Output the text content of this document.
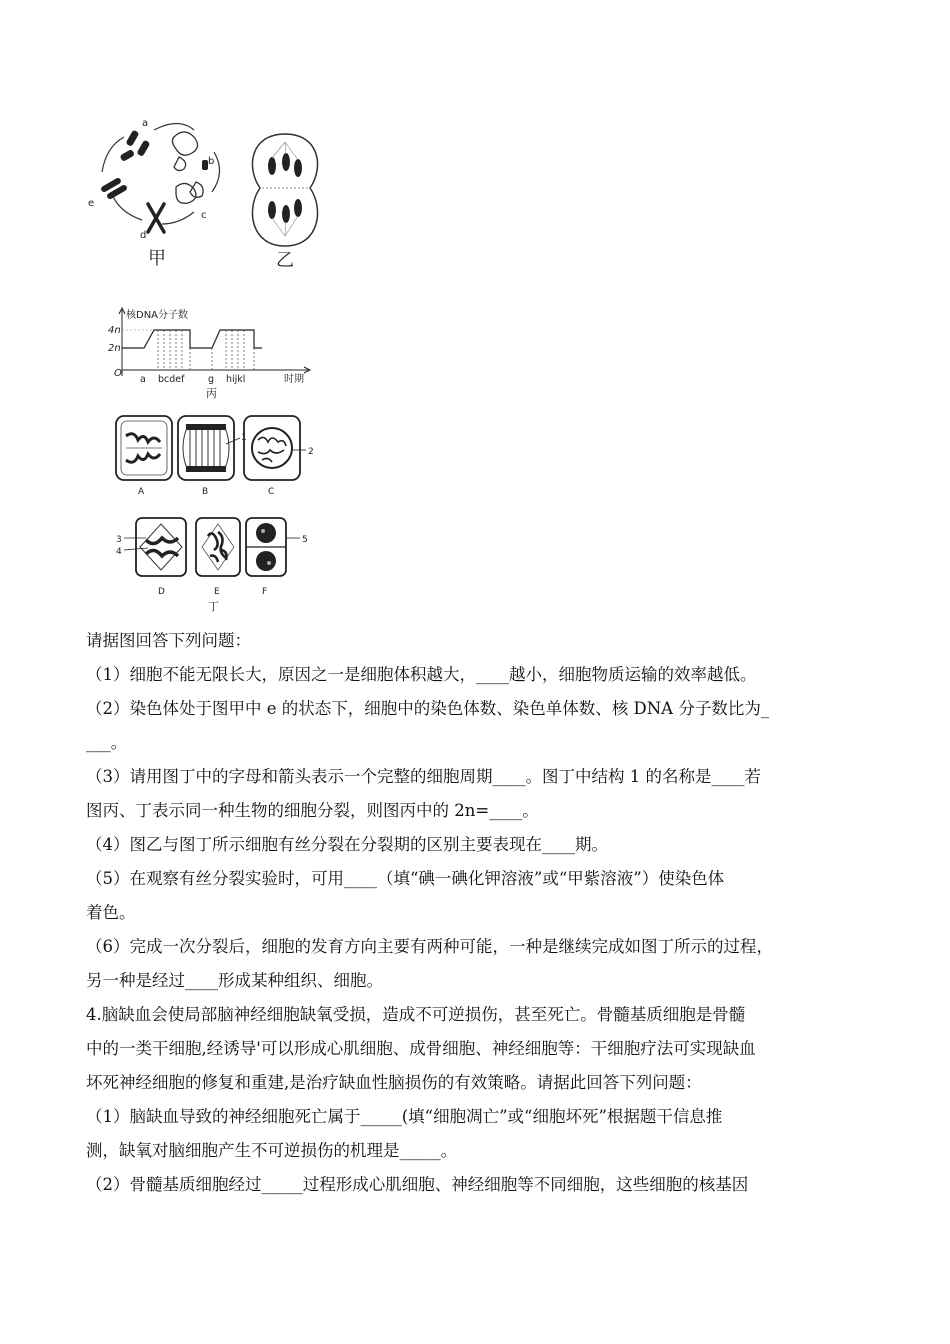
a
b
c
d
e
甲	乙
核DNA分子数
4n
2n
O
a bcdef g hijkl	时期
丙
A
1
B
2
C
3
4
D	E
5
F
丁

请据图回答下列问题：

（1）细胞不能无限长大，原因之一是细胞体积越大，____越小，细胞物质运输的效率越低。

（2）染色体处于图甲中 e 的状态下，细胞中的染色体数、染色单体数、核 DNA 分子数比为_

___。

（3）请用图丁中的字母和箭头表示一个完整的细胞周期____。图丁中结构 1 的名称是____若

图丙、丁表示同一种生物的细胞分裂，则图丙中的 2n=____。

（4）图乙与图丁所示细胞有丝分裂在分裂期的区别主要表现在____期。

（5）在观察有丝分裂实验时，可用____（填“碘一碘化钾溶液”或“甲紫溶液”）使染色体

着色。

（6）完成一次分裂后，细胞的发育方向主要有两种可能，一种是继续完成如图丁所示的过程，

另一种是经过____形成某种组织、细胞。

4.脑缺血会使局部脑神经细胞缺氧受损，造成不可逆损伤，甚至死亡。骨髓基质细胞是骨髓

中的一类干细胞,经诱导'可以形成心肌细胞、成骨细胞、神经细胞等：干细胞疗法可实现缺血

坏死神经细胞的修复和重建,是治疗缺血性脑损伤的有效策略。请据此回答下列问题：

（1）脑缺血导致的神经细胞死亡属于_____(填“细胞凋亡”或“细胞坏死”根据题干信息推

测，缺氧对脑细胞产生不可逆损伤的机理是_____。

（2）骨髓基质细胞经过_____过程形成心肌细胞、神经细胞等不同细胞，这些细胞的核基因
